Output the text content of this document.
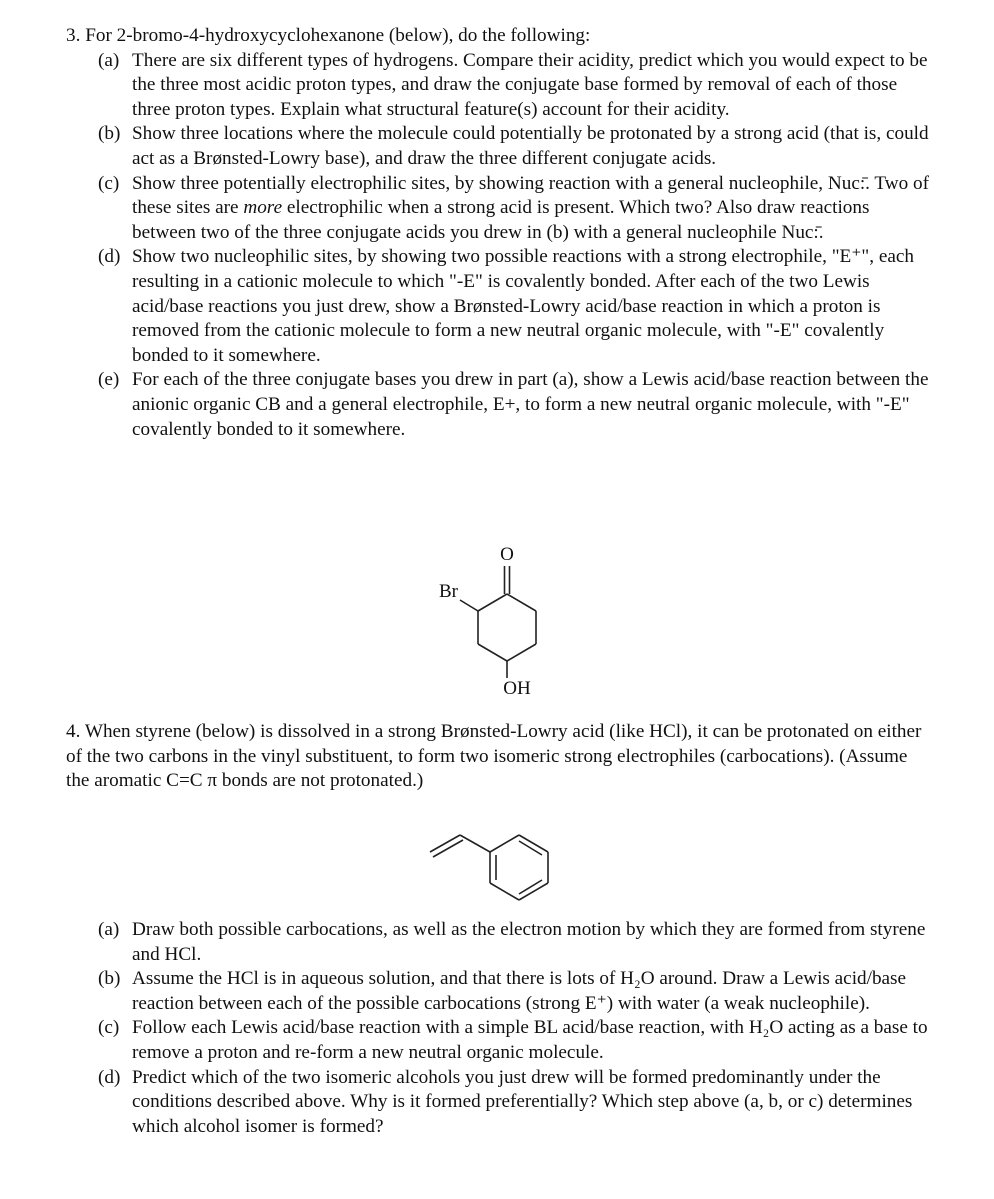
3. For 2-bromo-4-hydroxycyclohexanone (below), do the following:

(a) There are six different types of hydrogens. Compare their acidity, predict which you would expect to be the three most acidic proton types, and draw the conjugate base formed by removal of each of those three proton types. Explain what structural feature(s) account for their acidity.
(b) Show three locations where the molecule could potentially be protonated by a strong acid (that is, could act as a Brønsted-Lowry base), and draw the three different conjugate acids.
(c) Show three potentially electrophilic sites, by showing reaction with a general nucleophile, Nuc:̄. Two of these sites are more electrophilic when a strong acid is present. Which two? Also draw reactions between two of the three conjugate acids you drew in (b) with a general nucleophile Nuc:̄.
(d) Show two nucleophilic sites, by showing two possible reactions with a strong electrophile, "E⁺", each resulting in a cationic molecule to which "-E" is covalently bonded. After each of the two Lewis acid/base reactions you just drew, show a Brønsted-Lowry acid/base reaction in which a proton is removed from the cationic molecule to form a new neutral organic molecule, with "-E" covalently bonded to it somewhere.
(e) For each of the three conjugate bases you drew in part (a), show a Lewis acid/base reaction between the anionic organic CB and a general electrophile, E+, to form a new neutral organic molecule, with "-E" covalently bonded to it somewhere.
O
Br
OH

4. When styrene (below) is dissolved in a strong Brønsted-Lowry acid (like HCl), it can be protonated on either of the two carbons in the vinyl substituent, to form two isomeric strong electrophiles (carbocations). (Assume the aromatic C=C π bonds are not protonated.)

(a) Draw both possible carbocations, as well as the electron motion by which they are formed from styrene and HCl.
(b) Assume the HCl is in aqueous solution, and that there is lots of H₂O around. Draw a Lewis acid/base reaction between each of the possible carbocations (strong E⁺) with water (a weak nucleophile).
(c) Follow each Lewis acid/base reaction with a simple BL acid/base reaction, with H₂O acting as a base to remove a proton and re-form a new neutral organic molecule.
(d) Predict which of the two isomeric alcohols you just drew will be formed predominantly under the conditions described above. Why is it formed preferentially? Which step above (a, b, or c) determines which alcohol isomer is formed?
